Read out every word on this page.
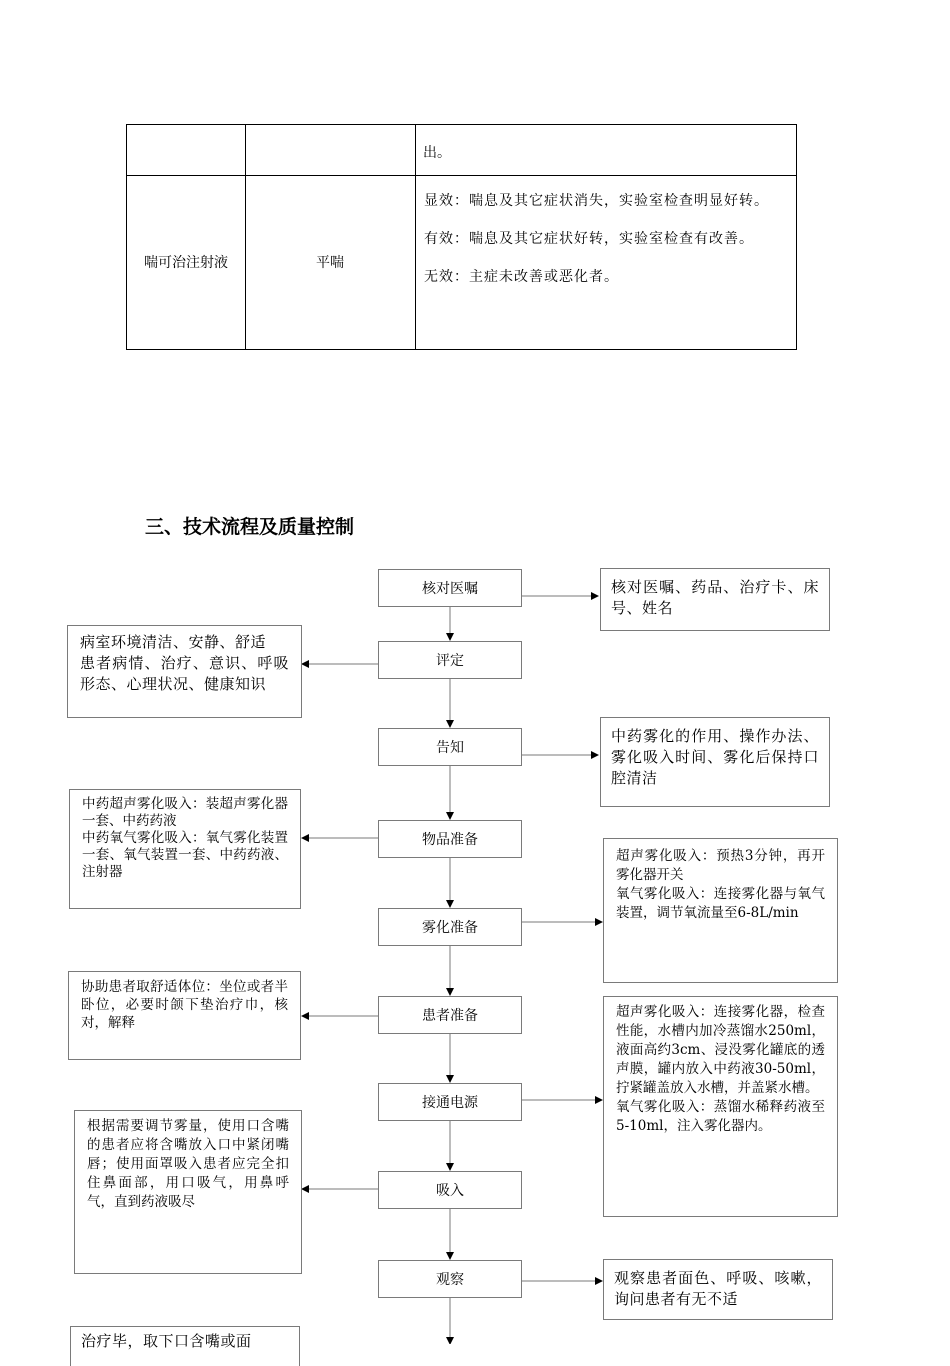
出。
喘可治注射液	平喘

显效：喘息及其它症状消失，实验室检查明显好转。

有效：喘息及其它症状好转，实验室检查有改善。

无效：主症未改善或恶化者。

三、技术流程及质量控制
核对医嘱
评定
告知
物品准备
雾化准备
患者准备
接通电源
吸入
观察
核对医嘱、药品、治疗卡、床号、姓名
病室环境清洁、安静、舒适
患者病情、治疗、意识、呼吸形态、心理状况、健康知识
中药雾化的作用、操作办法、雾化吸入时间、雾化后保持口腔清洁
中药超声雾化吸入：装超声雾化器一套、中药药液
中药氧气雾化吸入：氧气雾化装置一套、氧气装置一套、中药药液、注射器
超声雾化吸入：预热3分钟，再开雾化器开关
氧气雾化吸入：连接雾化器与氧气装置，调节氧流量至6-8L/min
协助患者取舒适体位：坐位或者半卧位，必要时颌下垫治疗巾，核对，解释
超声雾化吸入：连接雾化器，检查性能，水槽内加冷蒸馏水250ml，液面高约3cm、浸没雾化罐底的透声膜，罐内放入中药液30-50ml，拧紧罐盖放入水槽，并盖紧水槽。
氧气雾化吸入：蒸馏水稀释药液至5-10ml，注入雾化器内。
根据需要调节雾量，使用口含嘴的患者应将含嘴放入口中紧闭嘴唇；使用面罩吸入患者应完全扣住鼻面部，用口吸气，用鼻呼气，直到药液吸尽
观察患者面色、呼吸、咳嗽，询问患者有无不适
治疗毕，取下口含嘴或面
